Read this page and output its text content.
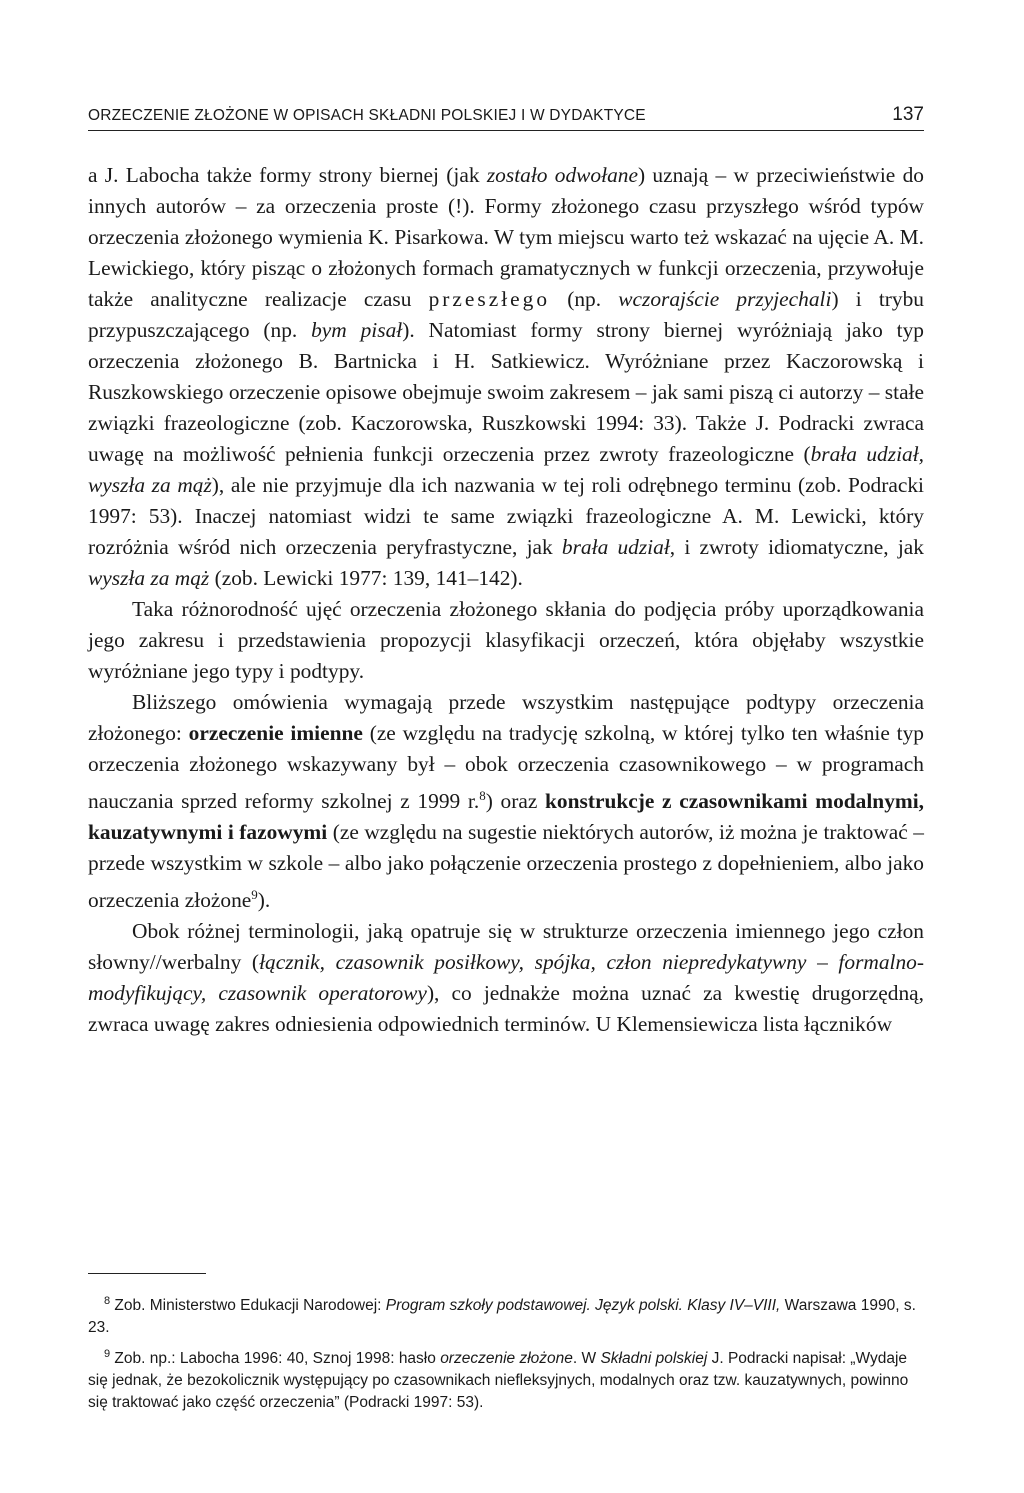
ORZECZENIE ZŁOŻONE W OPISACH SKŁADNI POLSKIEJ I W DYDAKTYCE	137

a J. Labocha także formy strony biernej (jak zostało odwołane) uznają – w przeciwieństwie do innych autorów – za orzeczenia proste (!). Formy złożonego czasu przyszłego wśród typów orzeczenia złożonego wymienia K. Pisarkowa. W tym miejscu warto też wskazać na ujęcie A. M. Lewickiego, który pisząc o złożonych formach gramatycznych w funkcji orzeczenia, przywołuje także analityczne realizacje czasu przeszłego (np. wczorajście przyjechali) i trybu przypuszczającego (np. bym pisał). Natomiast formy strony biernej wyróżniają jako typ orzeczenia złożonego B. Bartnicka i H. Satkiewicz. Wyróżniane przez Kaczorowską i Ruszkowskiego orzeczenie opisowe obejmuje swoim zakresem – jak sami piszą ci autorzy – stałe związki frazeologiczne (zob. Kaczorowska, Ruszkowski 1994: 33). Także J. Podracki zwraca uwagę na możliwość pełnienia funkcji orzeczenia przez zwroty frazeologiczne (brała udział, wyszła za mąż), ale nie przyjmuje dla ich nazwania w tej roli odrębnego terminu (zob. Podracki 1997: 53). Inaczej natomiast widzi te same związki frazeologiczne A. M. Lewicki, który rozróżnia wśród nich orzeczenia peryfrastyczne, jak brała udział, i zwroty idiomatyczne, jak wyszła za mąż (zob. Lewicki 1977: 139, 141–142).

Taka różnorodność ujęć orzeczenia złożonego skłania do podjęcia próby uporządkowania jego zakresu i przedstawienia propozycji klasyfikacji orzeczeń, która objęłaby wszystkie wyróżniane jego typy i podtypy.

Bliższego omówienia wymagają przede wszystkim następujące podtypy orzeczenia złożonego: orzeczenie imienne (ze względu na tradycję szkolną, w której tylko ten właśnie typ orzeczenia złożonego wskazywany był – obok orzeczenia czasownikowego – w programach nauczania sprzed reformy szkolnej z 1999 r.$^8$) oraz konstrukcje z czasownikami modalnymi, kauzatywnymi i fazowymi (ze względu na sugestie niektórych autorów, iż można je traktować – przede wszystkim w szkole – albo jako połączenie orzeczenia prostego z dopełnieniem, albo jako orzeczenia złożone$^9$).

Obok różnej terminologii, jaką opatruje się w strukturze orzeczenia imiennego jego człon słowny//werbalny (łącznik, czasownik posiłkowy, spójka, człon niepredykatywny – formalno-modyfikujący, czasownik operatorowy), co jednakże można uznać za kwestię drugorzędną, zwraca uwagę zakres odniesienia odpowiednich terminów. U Klemensiewicza lista łączników

$^8$ Zob. Ministerstwo Edukacji Narodowej: Program szkoły podstawowej. Język polski. Klasy IV–VIII, Warszawa 1990, s. 23.

$^9$ Zob. np.: Labocha 1996: 40, Sznoj 1998: hasło orzeczenie złożone. W Składni polskiej J. Podracki napisał: „Wydaje się jednak, że bezokolicznik występujący po czasownikach niefleksyjnych, modalnych oraz tzw. kauzatywnych, powinno się traktować jako część orzeczenia” (Podracki 1997: 53).
